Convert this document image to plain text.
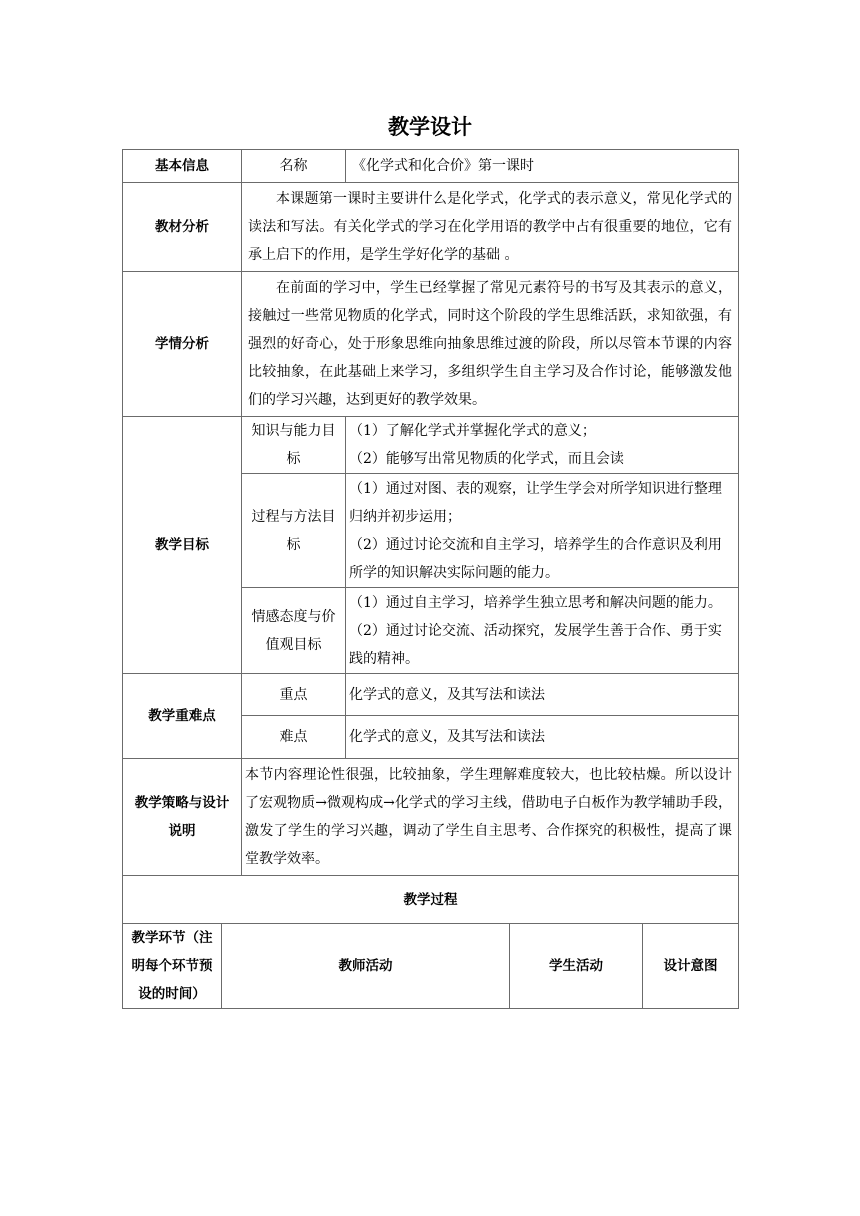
教学设计
基本信息		名称	《化学式和化合价》第一课时		
教材分析		本课题第一课时主要讲什么是化学式，化学式的表示意义，常见化学式的读法和写法。有关化学式的学习在化学用语的教学中占有很重要的地位，它有承上启下的作用，是学生学好化学的基础 。			
学情分析		在前面的学习中，学生已经掌握了常见元素符号的书写及其表示的意义，接触过一些常见物质的化学式，同时这个阶段的学生思维活跃，求知欲强，有强烈的好奇心，处于形象思维向抽象思维过渡的阶段，所以尽管本节课的内容比较抽象，在此基础上来学习，多组织学生自主学习及合作讨论，能够激发他们的学习兴趣，达到更好的教学效果。			
教学目标		知识与能力目标	（1）了解化学式并掌握化学式的意义；
（2）能够写出常见物质的化学式，而且会读		

		过程与方法目标	（1）通过对图、表的观察，让学生学会对所学知识进行整理归纳并初步运用；
（2）通过讨论交流和自主学习，培养学生的合作意识及利用所学的知识解决实际问题的能力。		

		情感态度与价值观目标	（1）通过自主学习，培养学生独立思考和解决问题的能力。
（2）通过讨论交流、活动探究，发展学生善于合作、勇于实践的精神。		

教学重难点		重点	化学式的意义，及其写法和读法		

		难点	化学式的意义，及其写法和读法		

教学策略与设计说明		本节内容理论性很强，比较抽象，学生理解难度较大，也比较枯燥。所以设计了宏观物质→微观构成→化学式的学习主线，借助电子白板作为教学辅助手段，激发了学生的学习兴趣，调动了学生自主思考、合作探究的积极性，提高了课堂教学效率。			
教学过程					
教学环节（注明每个环节预设的时间）	教师活动			学生活动	设计意图
